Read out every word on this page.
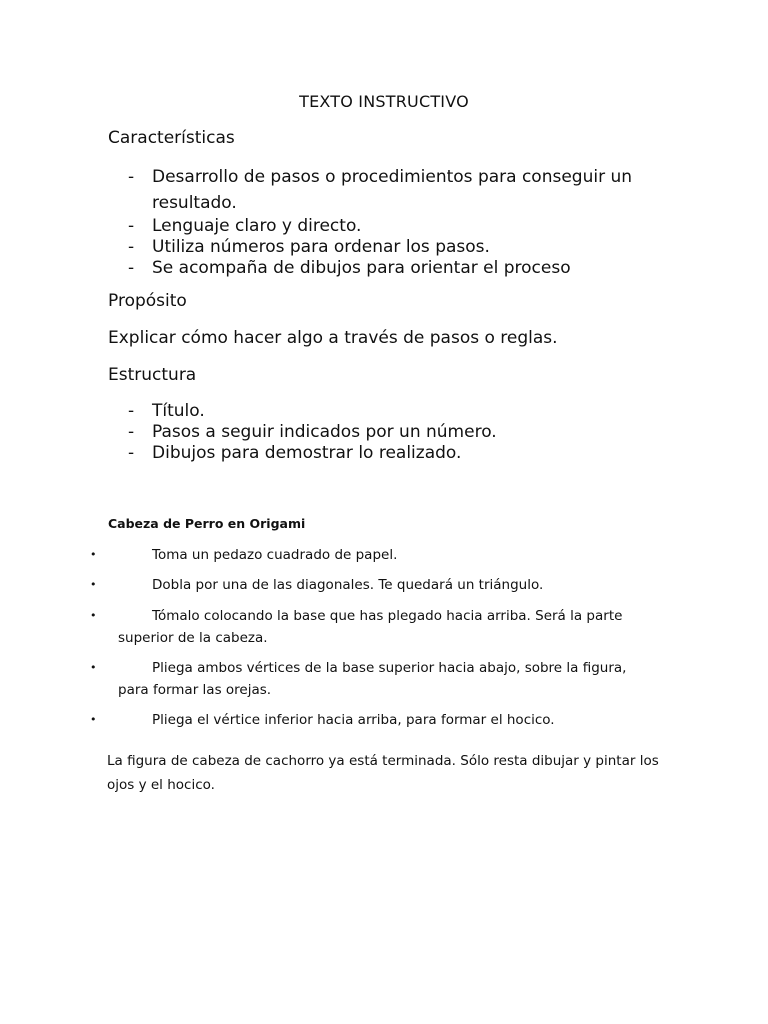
TEXTO INSTRUCTIVO
Características
- Desarrollo de pasos o procedimientos para conseguir un resultado.
- Lenguaje claro y directo.
- Utiliza números para ordenar los pasos.
- Se acompaña de dibujos para orientar el proceso
Propósito
Explicar cómo hacer algo a través de pasos o reglas.
Estructura
- Título.
- Pasos a seguir indicados por un número.
- Dibujos para demostrar lo realizado.
Cabeza de Perro en Origami
•	Toma un pedazo cuadrado de papel.
•	Dobla por una de las diagonales. Te quedará un triángulo.
•	Tómalo colocando la base que has plegado hacia arriba. Será la parte
superior de la cabeza.
•	Pliega ambos vértices de la base superior hacia abajo, sobre la figura,
para formar las orejas.
•	Pliega el vértice inferior hacia arriba, para formar el hocico.
La figura de cabeza de cachorro ya está terminada. Sólo resta dibujar y pintar los ojos y el hocico.
